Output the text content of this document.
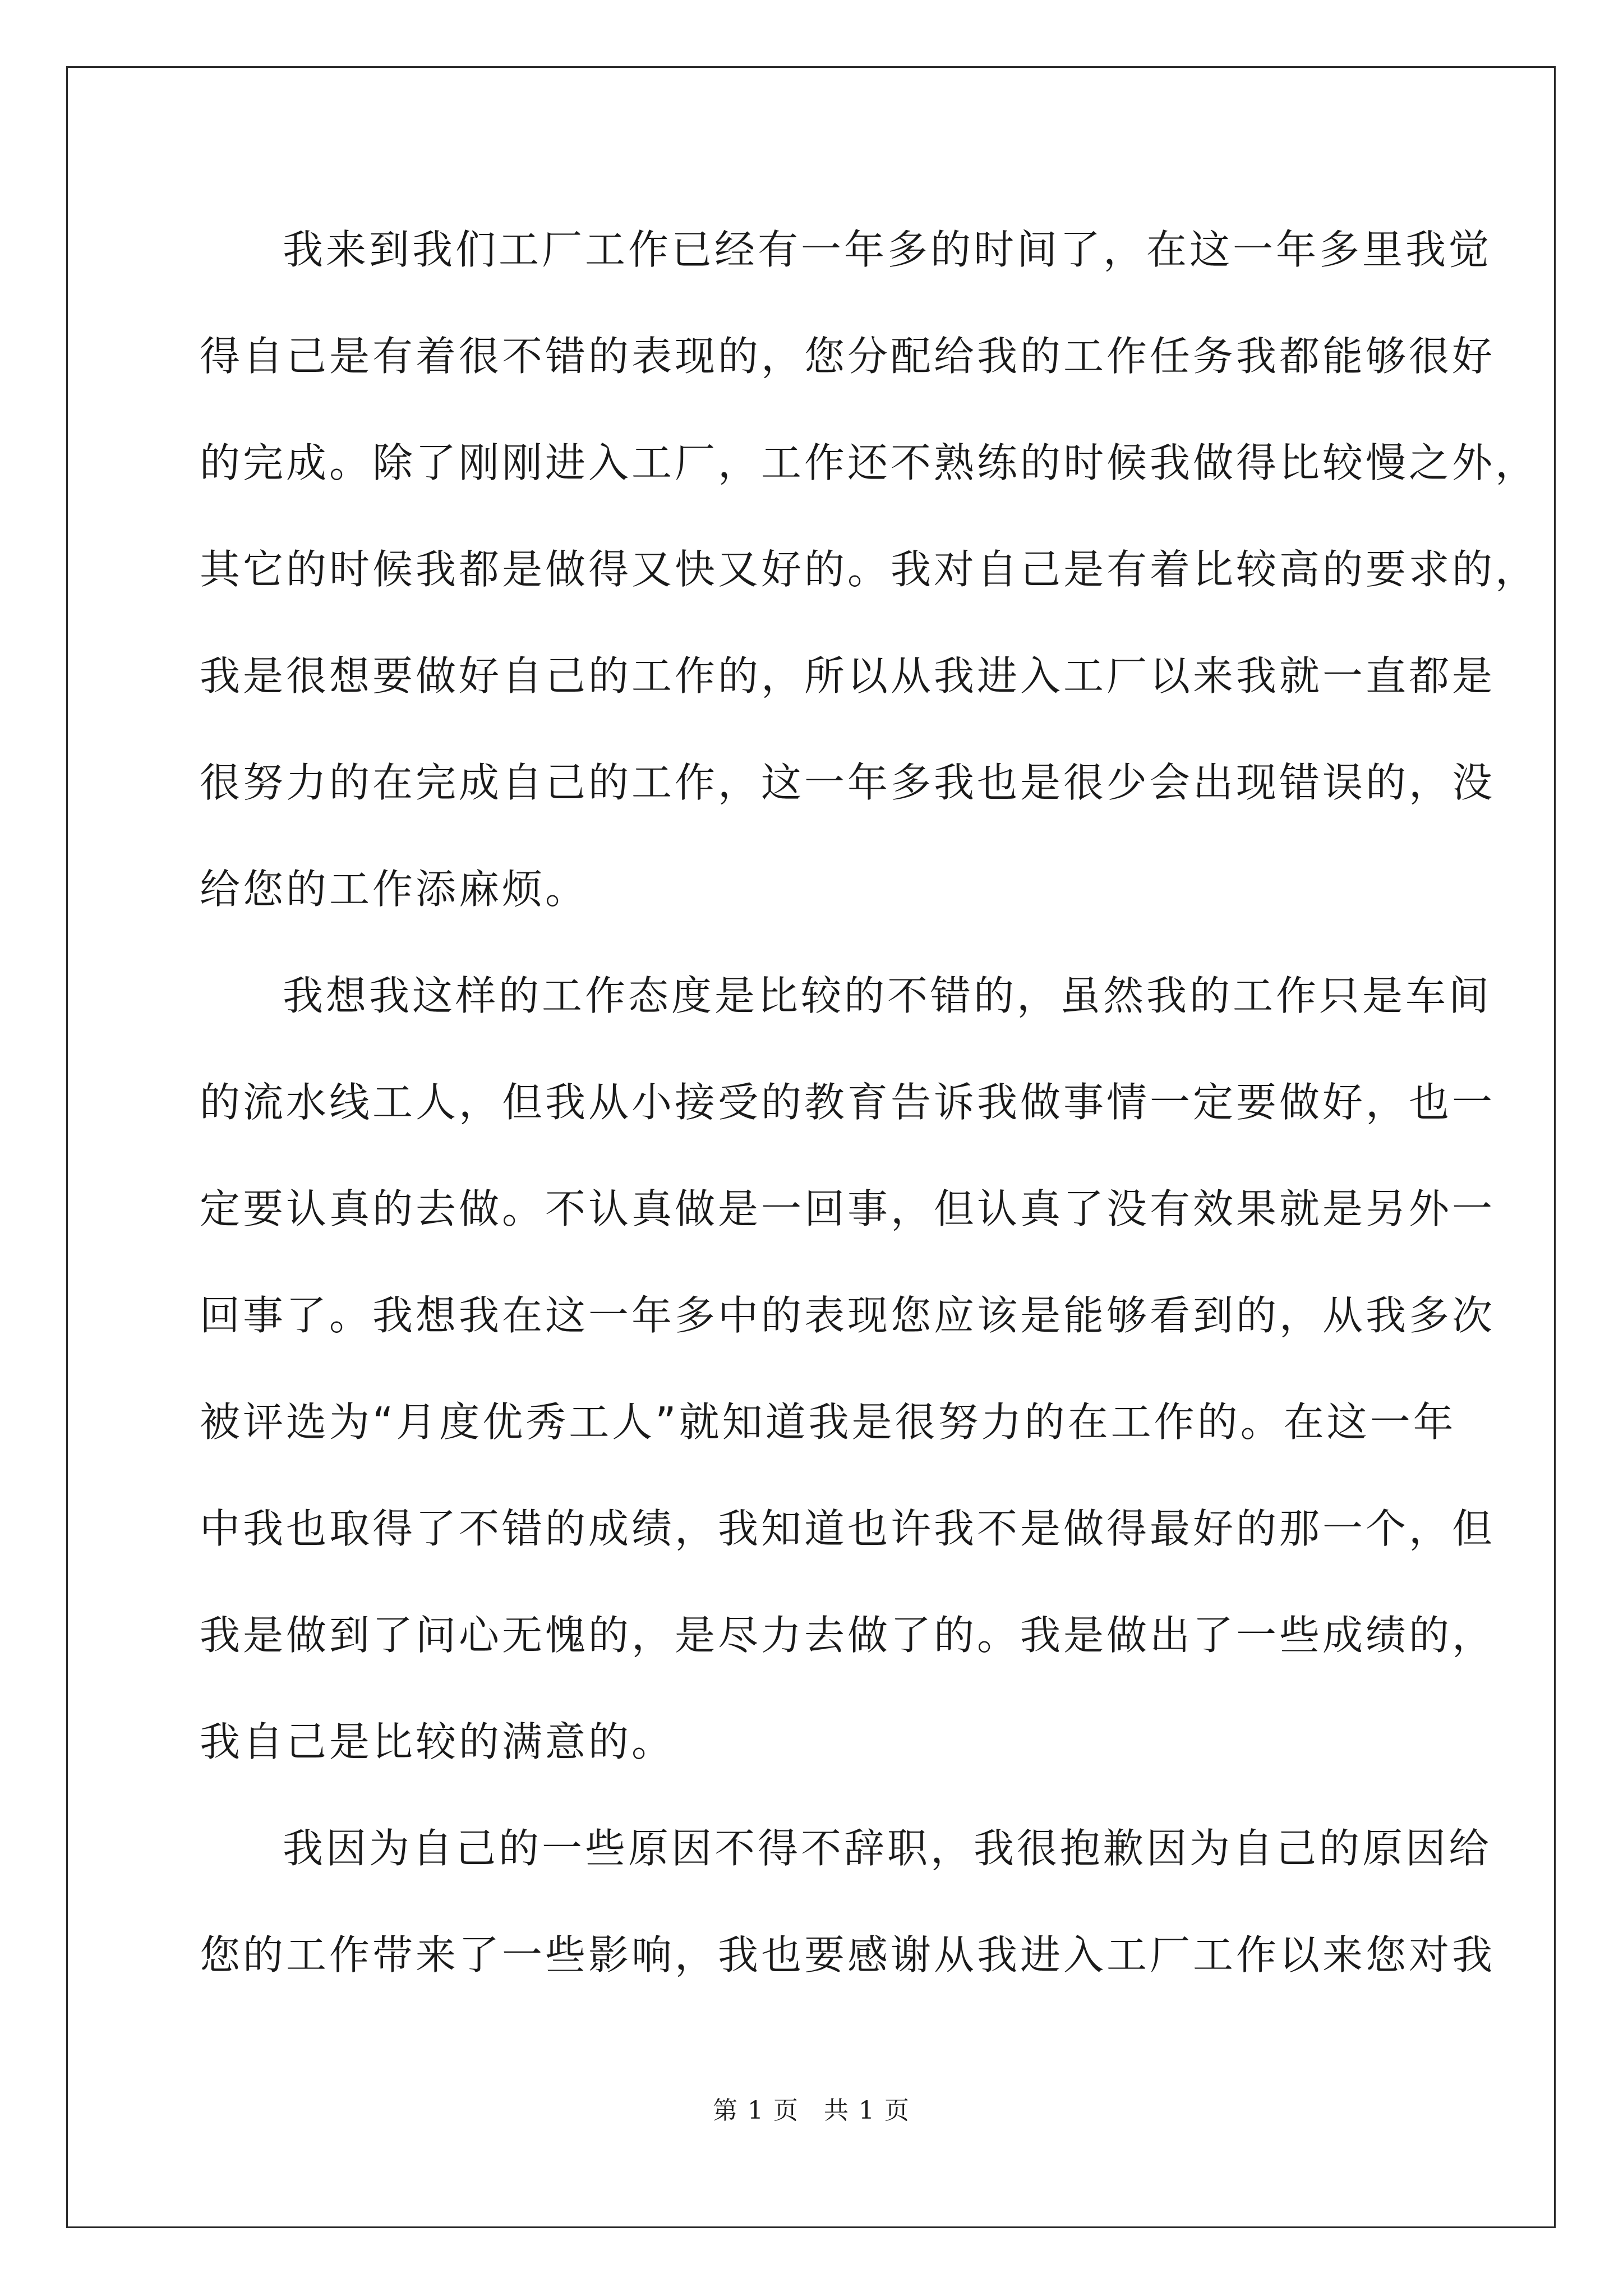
我来到我们工厂工作已经有一年多的时间了，在这一年多里我觉
得自己是有着很不错的表现的，您分配给我的工作任务我都能够很好
的完成。除了刚刚进入工厂，工作还不熟练的时候我做得比较慢之外，
其它的时候我都是做得又快又好的。我对自己是有着比较高的要求的，
我是很想要做好自己的工作的，所以从我进入工厂以来我就一直都是
很努力的在完成自己的工作，这一年多我也是很少会出现错误的，没
给您的工作添麻烦。
我想我这样的工作态度是比较的不错的，虽然我的工作只是车间
的流水线工人，但我从小接受的教育告诉我做事情一定要做好，也一
定要认真的去做。不认真做是一回事，但认真了没有效果就是另外一
回事了。我想我在这一年多中的表现您应该是能够看到的，从我多次
被评选为“月度优秀工人”就知道我是很努力的在工作的。在这一年
中我也取得了不错的成绩，我知道也许我不是做得最好的那一个，但
我是做到了问心无愧的，是尽力去做了的。我是做出了一些成绩的，
我自己是比较的满意的。
我因为自己的一些原因不得不辞职，我很抱歉因为自己的原因给
您的工作带来了一些影响，我也要感谢从我进入工厂工作以来您对我
第 1 页 共 1 页
